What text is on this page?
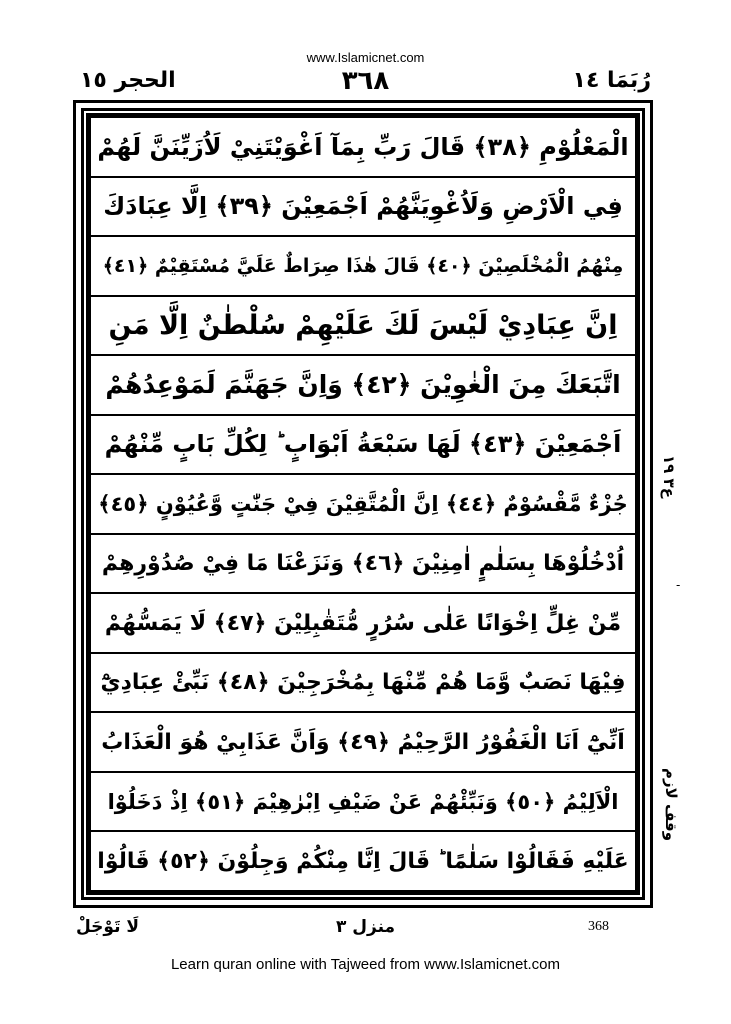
www.Islamicnet.com
الحجر ١٥	٣٦٨	رُبَمَا ١٤
الْمَعْلُوْمِ ﴿٣٨﴾ قَالَ رَبِّ بِمَآ اَغْوَيْتَنِيْ لَاُزَيِّنَنَّ لَهُمْ
فِي الْاَرْضِ وَلَاُغْوِيَنَّهُمْ اَجْمَعِيْنَ ﴿٣٩﴾ اِلَّا عِبَادَكَ
مِنْهُمُ الْمُخْلَصِيْنَ ﴿٤٠﴾ قَالَ هٰذَا صِرَاطٌ عَلَيَّ مُسْتَقِيْمٌ ﴿٤١﴾
اِنَّ عِبَادِيْ لَيْسَ لَكَ عَلَيْهِمْ سُلْطٰنٌ اِلَّا مَنِ
اتَّبَعَكَ مِنَ الْغٰوِيْنَ ﴿٤٢﴾ وَاِنَّ جَهَنَّمَ لَمَوْعِدُهُمْ
اَجْمَعِيْنَ ﴿٤٣﴾ لَهَا سَبْعَةُ اَبْوَابٍ ؕ لِكُلِّ بَابٍ مِّنْهُمْ
جُزْءٌ مَّقْسُوْمٌ ﴿٤٤﴾ اِنَّ الْمُتَّقِيْنَ فِيْ جَنّٰتٍ وَّعُيُوْنٍ ﴿٤٥﴾
اُدْخُلُوْهَا بِسَلٰمٍ اٰمِنِيْنَ ﴿٤٦﴾ وَنَزَعْنَا مَا فِيْ صُدُوْرِهِمْ
مِّنْ غِلٍّ اِخْوَانًا عَلٰى سُرُرٍ مُّتَقٰبِلِيْنَ ﴿٤٧﴾ لَا يَمَسُّهُمْ
فِيْهَا نَصَبٌ وَّمَا هُمْ مِّنْهَا بِمُخْرَجِيْنَ ﴿٤٨﴾ نَبِّئْ عِبَادِيْٓ
اَنِّيْٓ اَنَا الْغَفُوْرُ الرَّحِيْمُ ﴿٤٩﴾ وَاَنَّ عَذَابِيْ هُوَ الْعَذَابُ
الْاَلِيْمُ ﴿٥٠﴾ وَنَبِّئْهُمْ عَنْ ضَيْفِ اِبْرٰهِيْمَ ﴿٥١﴾ اِذْ دَخَلُوْا
عَلَيْهِ فَقَالُوْا سَلٰمًا ؕ قَالَ اِنَّا مِنْكُمْ وَجِلُوْنَ ﴿٥٢﴾ قَالُوْا
ع٣ ١٩
-
وقف لازم
لَا تَوْجَلْ	منزل ٣	368
Learn quran online with Tajweed from www.Islamicnet.com
